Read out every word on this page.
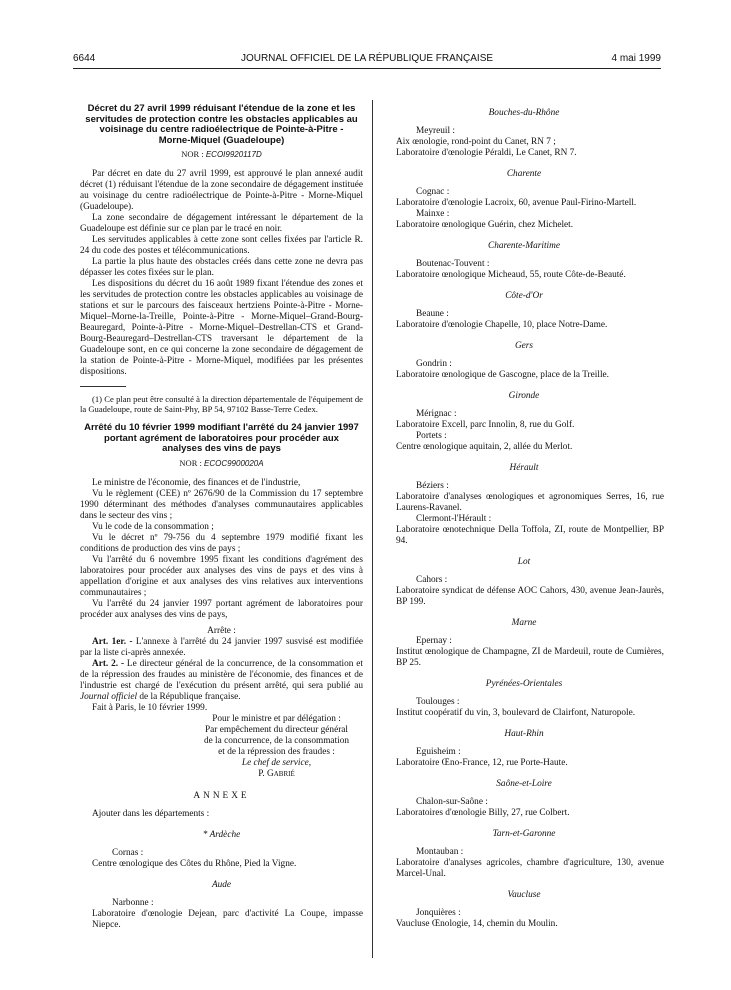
6644	JOURNAL OFFICIEL DE LA RÉPUBLIQUE FRANÇAISE	4 mai 1999
Décret du 27 avril 1999 réduisant l'étendue de la zone et les servitudes de protection contre les obstacles applicables au voisinage du centre radioélectrique de Pointe-à-Pitre - Morne-Miquel (Guadeloupe)
NOR : ECOI9920117D

Par décret en date du 27 avril 1999, est approuvé le plan annexé audit décret (1) réduisant l'étendue de la zone secondaire de dégagement instituée au voisinage du centre radioélectrique de Pointe-à-Pitre - Morne-Miquel (Guadeloupe).

La zone secondaire de dégagement intéressant le département de la Guadeloupe est définie sur ce plan par le tracé en noir.

Les servitudes applicables à cette zone sont celles fixées par l'article R. 24 du code des postes et télécommunications.

La partie la plus haute des obstacles créés dans cette zone ne devra pas dépasser les cotes fixées sur le plan.

Les dispositions du décret du 16 août 1989 fixant l'étendue des zones et les servitudes de protection contre les obstacles applicables au voisinage de stations et sur le parcours des faisceaux hertziens Pointe-à-Pitre - Morne-Miquel–Morne-la-Treille, Pointe-à-Pitre - Morne-Miquel–Grand-Bourg-Beauregard, Pointe-à-Pitre - Morne-Miquel–Destrellan-CTS et Grand-Bourg-Beauregard–Destrellan-CTS traversant le département de la Guadeloupe sont, en ce qui concerne la zone secondaire de dégagement de la station de Pointe-à-Pitre - Morne-Miquel, modifiées par les présentes dispositions.

(1) Ce plan peut être consulté à la direction départementale de l'équipement de la Guadeloupe, route de Saint-Phy, BP 54, 97102 Basse-Terre Cedex.

Arrêté du 10 février 1999 modifiant l'arrêté du 24 janvier 1997 portant agrément de laboratoires pour procéder aux analyses des vins de pays
NOR : ECOC9900020A

Le ministre de l'économie, des finances et de l'industrie,

Vu le règlement (CEE) nº 2676/90 de la Commission du 17 septembre 1990 déterminant des méthodes d'analyses communautaires applicables dans le secteur des vins ;

Vu le code de la consommation ;

Vu le décret nº 79-756 du 4 septembre 1979 modifié fixant les conditions de production des vins de pays ;

Vu l'arrêté du 6 novembre 1995 fixant les conditions d'agrément des laboratoires pour procéder aux analyses des vins de pays et des vins à appellation d'origine et aux analyses des vins relatives aux interventions communautaires ;

Vu l'arrêté du 24 janvier 1997 portant agrément de laboratoires pour procéder aux analyses des vins de pays,

Arrête :

Art. 1er. - L'annexe à l'arrêté du 24 janvier 1997 susvisé est modifiée par la liste ci-après annexée.

Art. 2. - Le directeur général de la concurrence, de la consommation et de la répression des fraudes au ministère de l'économie, des finances et de l'industrie est chargé de l'exécution du présent arrêté, qui sera publié au Journal officiel de la République française.

Fait à Paris, le 10 février 1999.

Pour le ministre et par délégation :
Par empêchement du directeur général
de la concurrence, de la consommation
et de la répression des fraudes :
Le chef de service,
P. Gabrié
ANNEXE

Ajouter dans les départements :

* Ardèche
Cornas :
Centre œnologique des Côtes du Rhône, Pied la Vigne.
Aude
Narbonne :
Laboratoire d'œnologie Dejean, parc d'activité La Coupe, impasse Niepce.
Bouches-du-Rhône
Meyreuil :
Aix œnologie, rond-point du Canet, RN 7 ;
Laboratoire d'œnologie Péraldi, Le Canet, RN 7.
Charente
Cognac :
Laboratoire d'œnologie Lacroix, 60, avenue Paul-Firino-Martell.
Mainxe :
Laboratoire œnologique Guérin, chez Michelet.
Charente-Maritime
Boutenac-Touvent :
Laboratoire œnologique Micheaud, 55, route Côte-de-Beauté.
Côte-d'Or
Beaune :
Laboratoire d'œnologie Chapelle, 10, place Notre-Dame.
Gers
Gondrin :
Laboratoire œnologique de Gascogne, place de la Treille.
Gironde
Mérignac :
Laboratoire Excell, parc Innolin, 8, rue du Golf.
Portets :
Centre œnologique aquitain, 2, allée du Merlot.
Hérault
Béziers :
Laboratoire d'analyses œnologiques et agronomiques Serres, 16, rue Laurens-Ravanel.
Clermont-l'Hérault :
Laboratoire œnotechnique Della Toffola, ZI, route de Montpellier, BP 94.
Lot
Cahors :
Laboratoire syndicat de défense AOC Cahors, 430, avenue Jean-Jaurès, BP 199.
Marne
Epernay :
Institut œnologique de Champagne, ZI de Mardeuil, route de Cumières, BP 25.
Pyrénées-Orientales
Toulouges :
Institut coopératif du vin, 3, boulevard de Clairfont, Naturopole.
Haut-Rhin
Eguisheim :
Laboratoire Œno-France, 12, rue Porte-Haute.
Saône-et-Loire
Chalon-sur-Saône :
Laboratoires d'œnologie Billy, 27, rue Colbert.
Tarn-et-Garonne
Montauban :
Laboratoire d'analyses agricoles, chambre d'agriculture, 130, avenue Marcel-Unal.
Vaucluse
Jonquières :
Vaucluse Œnologie, 14, chemin du Moulin.
